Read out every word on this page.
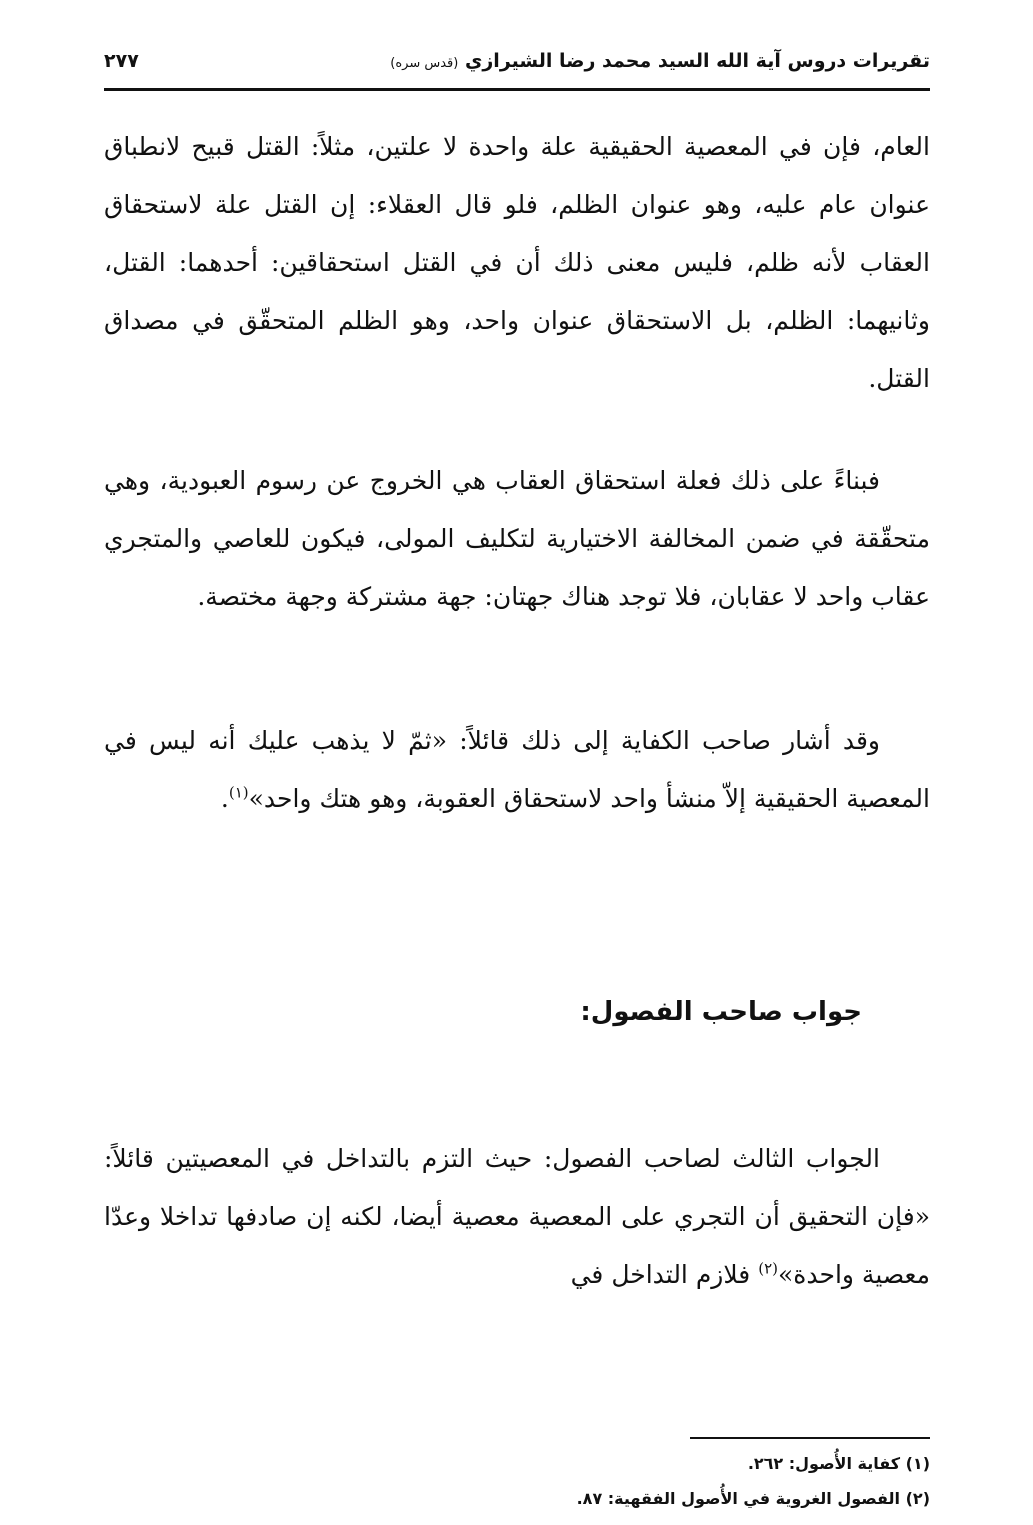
تقريرات دروس آية الله السيد محمد رضا الشيرازي (قدس سره)
٢٧٧

العام، فإن في المعصية الحقيقية علة واحدة لا علتين، مثلاً: القتل قبيح لانطباق عنوان عام عليه، وهو عنوان الظلم، فلو قال العقلاء: إن القتل علة لاستحقاق العقاب لأنه ظلم، فليس معنى ذلك أن في القتل استحقاقين: أحدهما: القتل، وثانيهما: الظلم، بل الاستحقاق عنوان واحد، وهو الظلم المتحقّق في مصداق القتل.

فبناءً على ذلك فعلة استحقاق العقاب هي الخروج عن رسوم العبودية، وهي متحقّقة في ضمن المخالفة الاختيارية لتكليف المولى، فيكون للعاصي والمتجري عقاب واحد لا عقابان، فلا توجد هناك جهتان: جهة مشتركة وجهة مختصة.

وقد أشار صاحب الكفاية إلى ذلك قائلاً: «ثمّ لا يذهب عليك أنه ليس في المعصية الحقيقية إلاّ منشأ واحد لاستحقاق العقوبة، وهو هتك واحد»$^{(١)}$.

جواب صاحب الفصول:

الجواب الثالث لصاحب الفصول: حيث التزم بالتداخل في المعصيتين قائلاً: «فإن التحقيق أن التجري على المعصية معصية أيضا، لكنه إن صادفها تداخلا وعدّا معصية واحدة»$^{(٢)}$ فلازم التداخل في

(١) كفاية الأُصول: ٢٦٢.
(٢) الفصول الغروية في الأُصول الفقهية: ٨٧.
